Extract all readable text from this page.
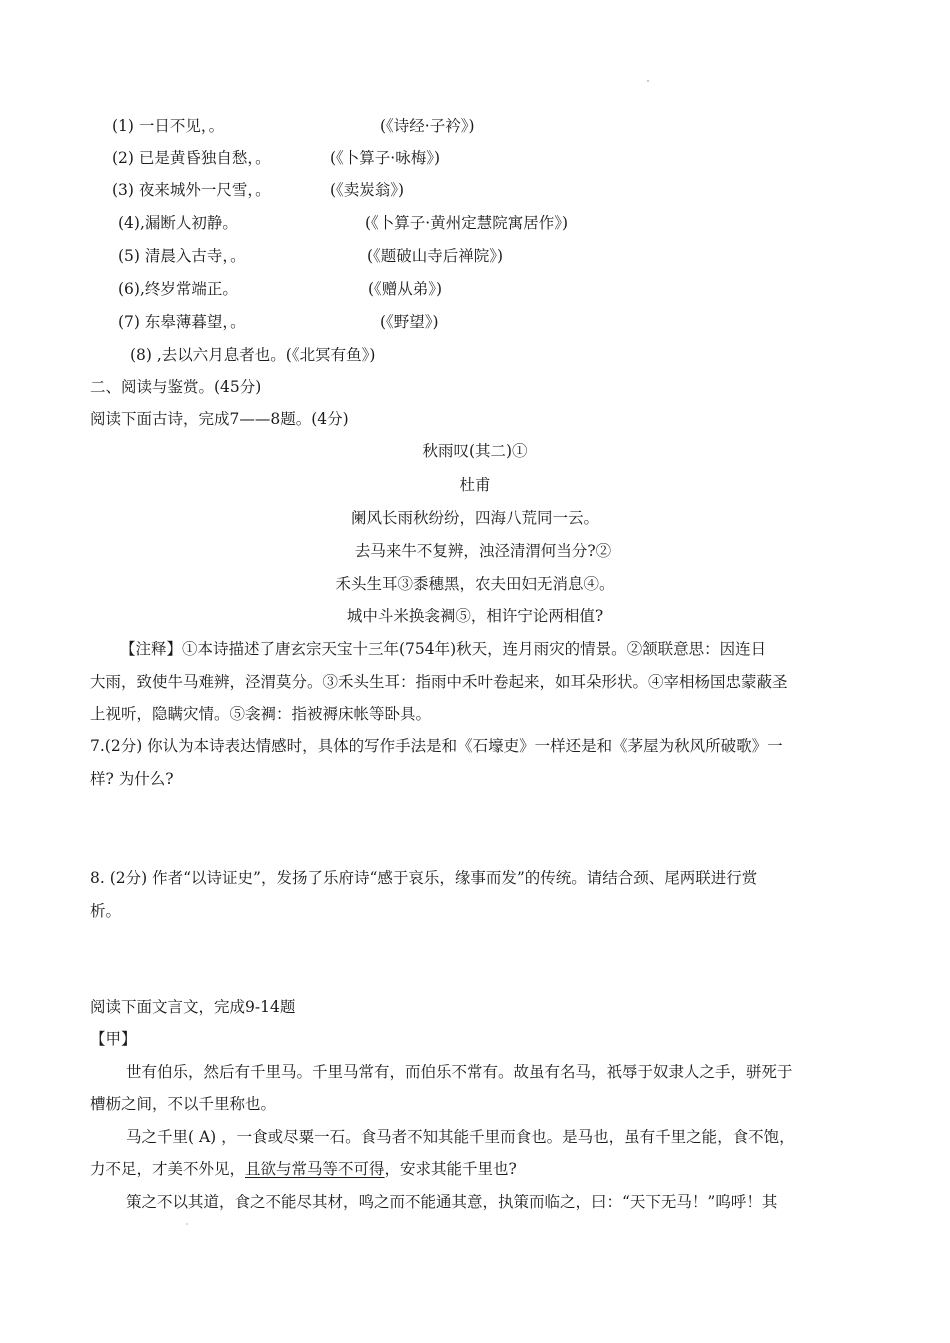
(1) 一日不见，。	(《诗经·子衿》)
(2) 已是黄昏独自愁，。	(《卜算子·咏梅》)
(3) 夜来城外一尺雪，。	(《卖炭翁》)
(4),漏断人初静。	(《卜算子·黄州定慧院寓居作》)
(5) 清晨入古寺，。	(《题破山寺后禅院》)
(6),终岁常端正。	(《赠从弟》)
(7) 东皋薄暮望，。	(《野望》)
(8) ,去以六月息者也。(《北冥有鱼》)
二、阅读与鉴赏。(45分)
阅读下面古诗，完成7——8题。(4分)
秋雨叹(其二)①
杜甫
阑风长雨秋纷纷，四海八荒同一云。
去马来牛不复辨，浊泾清渭何当分?②
禾头生耳③黍穗黑，农夫田妇无消息④。
城中斗米换衾裯⑤，相许宁论两相值?
【注释】①本诗描述了唐玄宗天宝十三年(754年)秋天，连月雨灾的情景。②颔联意思：因连日
大雨，致使牛马难辨，泾渭莫分。③禾头生耳：指雨中禾叶卷起来，如耳朵形状。④宰相杨国忠蒙蔽圣
上视听，隐瞒灾情。⑤衾裯：指被褥床帐等卧具。
7.(2分) 你认为本诗表达情感时，具体的写作手法是和《石壕吏》一样还是和《茅屋为秋风所破歌》一
样? 为什么?
8. (2分) 作者“以诗证史”，发扬了乐府诗“感于哀乐，缘事而发”的传统。请结合颈、尾两联进行赏
析。
阅读下面文言文，完成9-14题
【甲】
世有伯乐，然后有千里马。千里马常有，而伯乐不常有。故虽有名马，祇辱于奴隶人之手，骈死于
槽枥之间，不以千里称也。
马之千里( A) ，一食或尽粟一石。食马者不知其能千里而食也。是马也，虽有千里之能，食不饱，
力不足，才美不外见，且欲与常马等不可得，安求其能千里也?
策之不以其道，食之不能尽其材，鸣之而不能通其意，执策而临之，曰：“天下无马！”呜呼！其
